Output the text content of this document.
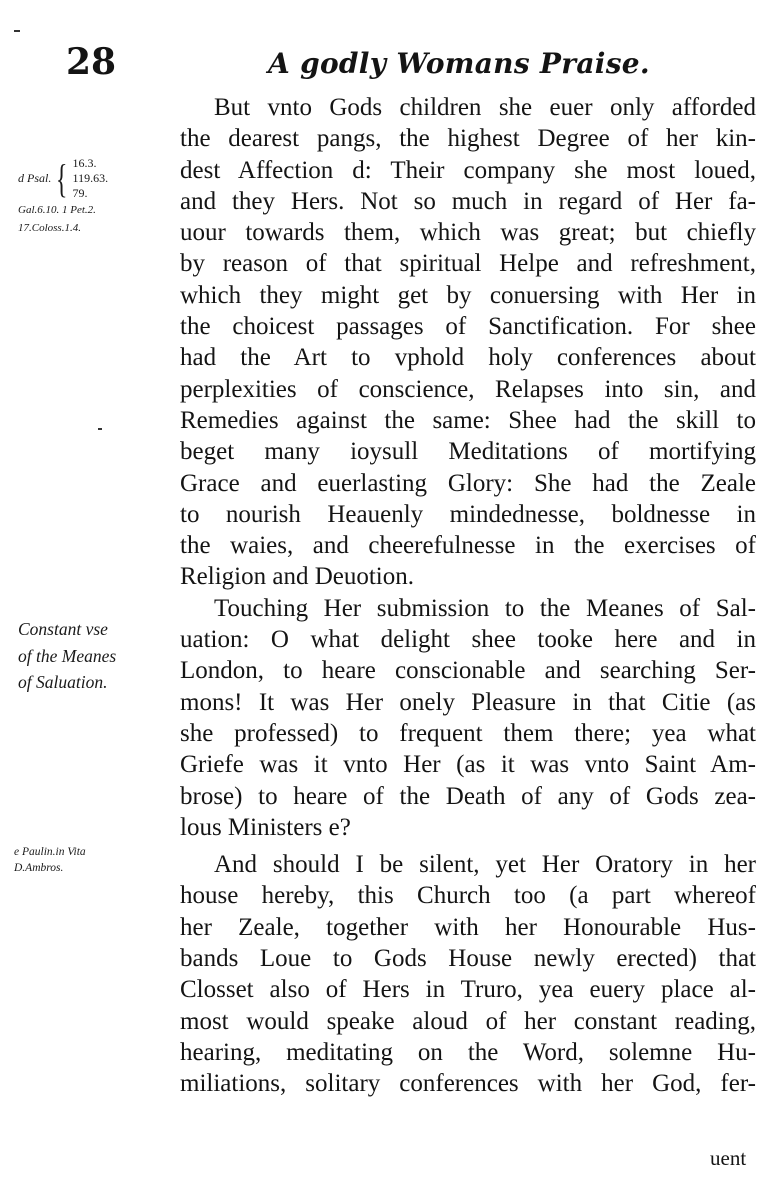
28	A godly Womans Praise.
d Psal. { 16.3.
119.63.
79.
Gal.6.10. 1 Pet.2.
17.Coloss.1.4.
Constant vse
of the Meanes
of Saluation.
e Paulin.in Vita
D.Ambros.
But vnto Gods children she euer only afforded
the dearest pangs, the highest Degree of her kin-
dest Affection d: Their company she most loued,
and they Hers. Not so much in regard of Her fa-
uour towards them, which was great; but chiefly
by reason of that spiritual Helpe and refreshment,
which they might get by conuersing with Her in
the choicest passages of Sanctification. For shee
had the Art to vphold holy conferences about
perplexities of conscience, Relapses into sin, and
Remedies against the same: Shee had the skill to
beget many ioysull Meditations of mortifying
Grace and euerlasting Glory: She had the Zeale
to nourish Heauenly mindednesse, boldnesse in
the waies, and cheerefulnesse in the exercises of
Religion and Deuotion.
Touching Her submission to the Meanes of Sal-
uation: O what delight shee tooke here and in
London, to heare conscionable and searching Ser-
mons! It was Her onely Pleasure in that Citie (as
she professed) to frequent them there; yea what
Griefe was it vnto Her (as it was vnto Saint Am-
brose) to heare of the Death of any of Gods zea-
lous Ministers e?
And should I be silent, yet Her Oratory in her
house hereby, this Church too (a part whereof
her Zeale, together with her Honourable Hus-
bands Loue to Gods House newly erected) that
Closset also of Hers in Truro, yea euery place al-
most would speake aloud of her constant reading,
hearing, meditating on the Word, solemne Hu-
miliations, solitary conferences with her God, fer-
uent
